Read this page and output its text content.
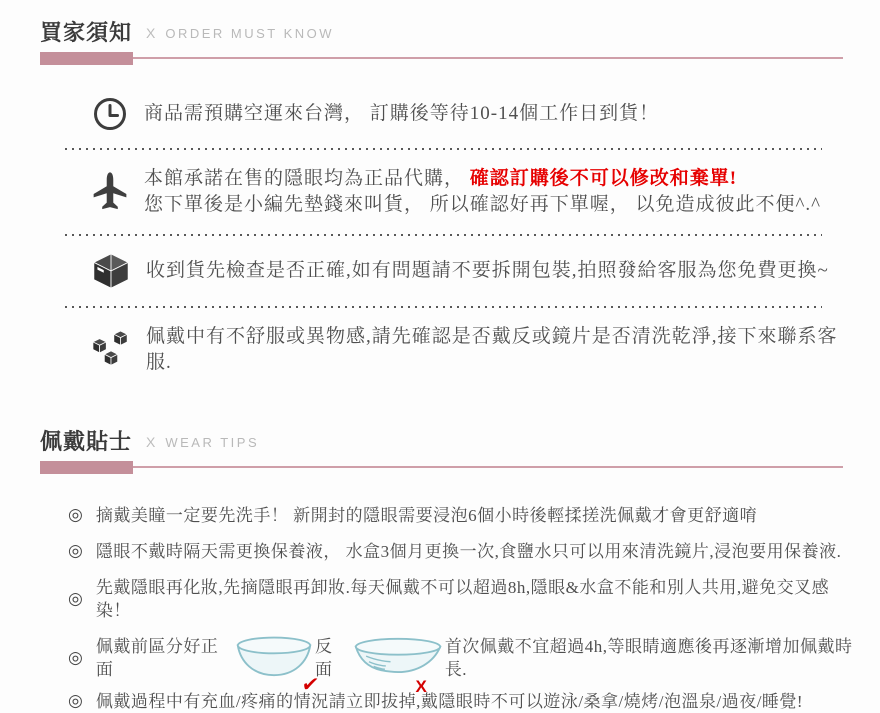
買家須知 X ORDER MUST KNOW
商品需預購空運來台灣， 訂購後等待10-14個工作日到貨！
本館承諾在售的隱眼均為正品代購， 確認訂購後不可以修改和棄單!
您下單後是小編先墊錢來叫貨， 所以確認好再下單喔， 以免造成彼此不便^.^
收到貨先檢查是否正確,如有問題請不要拆開包裝,拍照發給客服為您免費更換~
佩戴中有不舒服或異物感,請先確認是否戴反或鏡片是否清洗乾淨,接下來聯系客服.
佩戴貼士 X WEAR TIPS
◎ 摘戴美瞳一定要先洗手！ 新開封的隱眼需要浸泡6個小時後輕揉搓洗佩戴才會更舒適唷
◎ 隱眼不戴時隔天需更換保養液， 水盒3個月更換一次,食鹽水只可以用來清洗鏡片,浸泡要用保養液.
◎
先戴隱眼再化妝,先摘隱眼再卸妝.每天佩戴不可以超過8h,隱眼&水盒不能和別人共用,避免交叉感染！
◎
佩戴前區分好正面
✔
反面
X
首次佩戴不宜超過4h,等眼睛適應後再逐漸增加佩戴時長.
◎ 佩戴過程中有充血/疼痛的情況請立即拔掉,戴隱眼時不可以遊泳/桑拿/燒烤/泡溫泉/過夜/睡覺!
